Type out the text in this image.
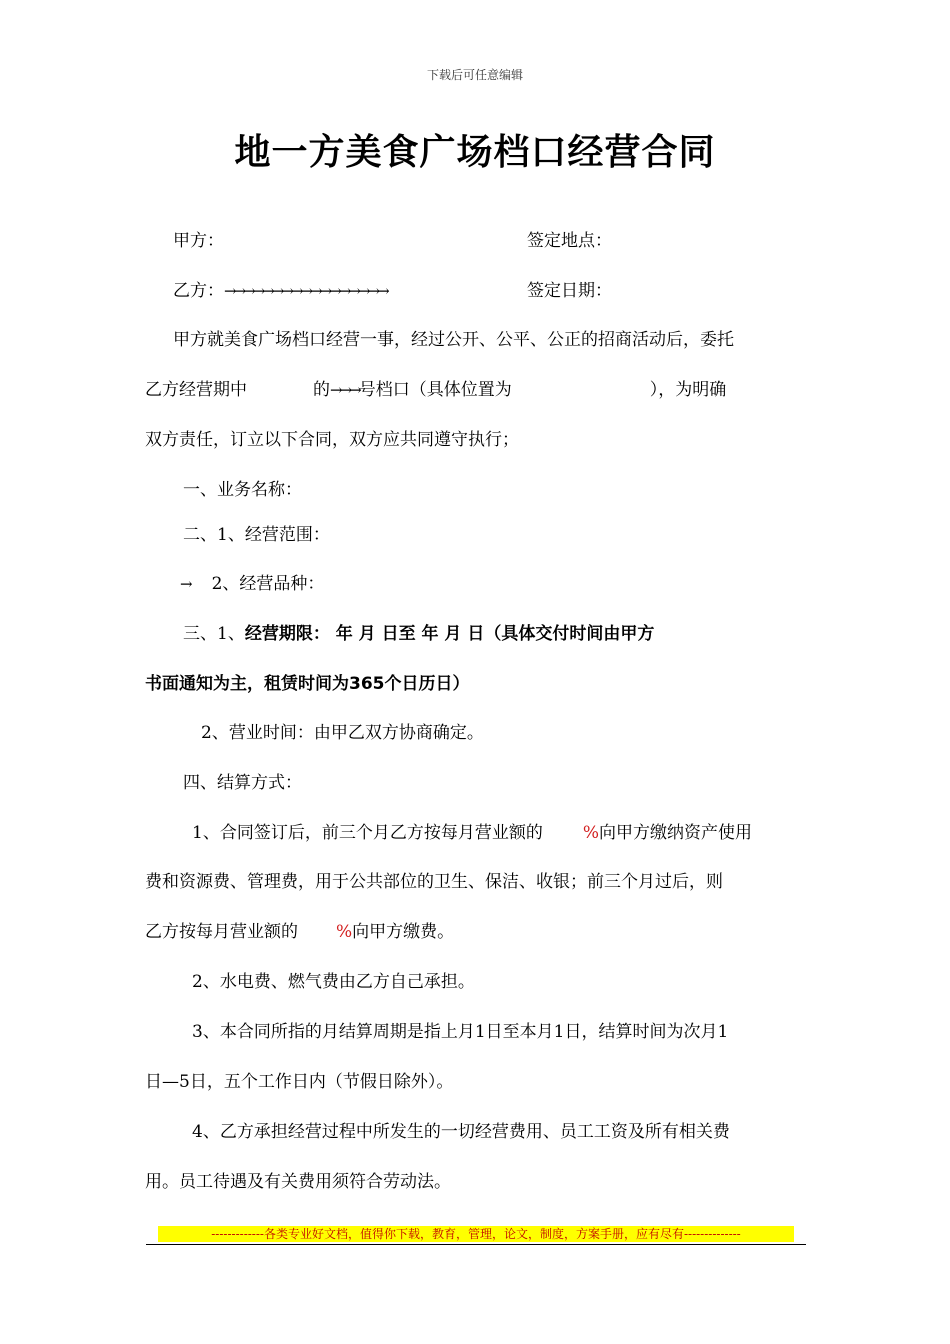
下载后可任意编辑
地一方美食广场档口经营合同
甲方：	签定地点：
乙方：→→→→→→→→→→→→→→→→→	签定日期：
甲方就美食广场档口经营一事，经过公开、公平、公正的招商活动后，委托
乙方经营期中	的→→→号档口（具体位置为	），为明确
双方责任，订立以下合同，双方应共同遵守执行；
一、业务名称：
二、1、经营范围：
→ 2、经营品种：
三、1、经营期限： 年 月 日至 年 月 日（具体交付时间由甲方
书面通知为主，租赁时间为365个日历日）
2、营业时间：由甲乙双方协商确定。
四、结算方式：
1、合同签订后，前三个月乙方按每月营业额的 %向甲方缴纳资产使用
费和资源费、管理费，用于公共部位的卫生、保洁、收银；前三个月过后，则
乙方按每月营业额的 %向甲方缴费。
2、水电费、燃气费由乙方自己承担。
3、本合同所指的月结算周期是指上月1日至本月1日，结算时间为次月1
日—5日，五个工作日内（节假日除外）。
4、乙方承担经营过程中所发生的一切经营费用、员工工资及所有相关费
用。员工待遇及有关费用须符合劳动法。
-------------各类专业好文档，值得你下载，教育，管理，论文，制度，方案手册，应有尽有--------------
